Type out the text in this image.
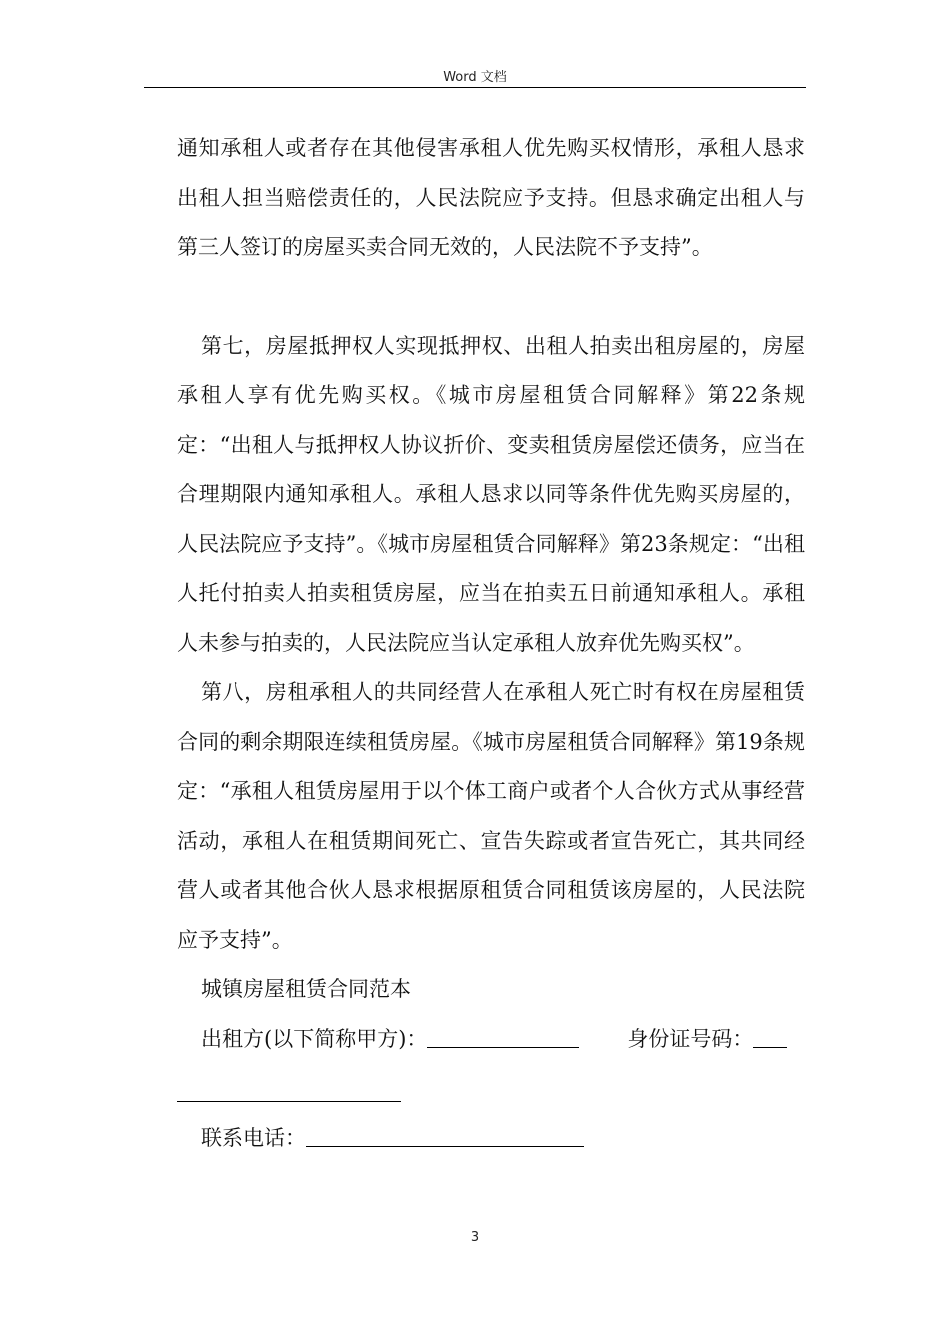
Word 文档

通知承租人或者存在其他侵害承租人优先购买权情形，承租人恳求出租人担当赔偿责任的，人民法院应予支持。但恳求确定出租人与第三人签订的房屋买卖合同无效的，人民法院不予支持”。

第七，房屋抵押权人实现抵押权、出租人拍卖出租房屋的，房屋承租人享有优先购买权。《城市房屋租赁合同解释》第22条规定：“出租人与抵押权人协议折价、变卖租赁房屋偿还债务，应当在合理期限内通知承租人。承租人恳求以同等条件优先购买房屋的，人民法院应予支持”。《城市房屋租赁合同解释》第23条规定：“出租人托付拍卖人拍卖租赁房屋，应当在拍卖五日前通知承租人。承租人未参与拍卖的，人民法院应当认定承租人放弃优先购买权”。

第八，房租承租人的共同经营人在承租人死亡时有权在房屋租赁合同的剩余期限连续租赁房屋。《城市房屋租赁合同解释》第19条规定：“承租人租赁房屋用于以个体工商户或者个人合伙方式从事经营活动，承租人在租赁期间死亡、宣告失踪或者宣告死亡，其共同经营人或者其他合伙人恳求根据原租赁合同租赁该房屋的，人民法院应予支持”。

城镇房屋租赁合同范本

出租方(以下简称甲方)：	身份证号码：

联系电话：

3
